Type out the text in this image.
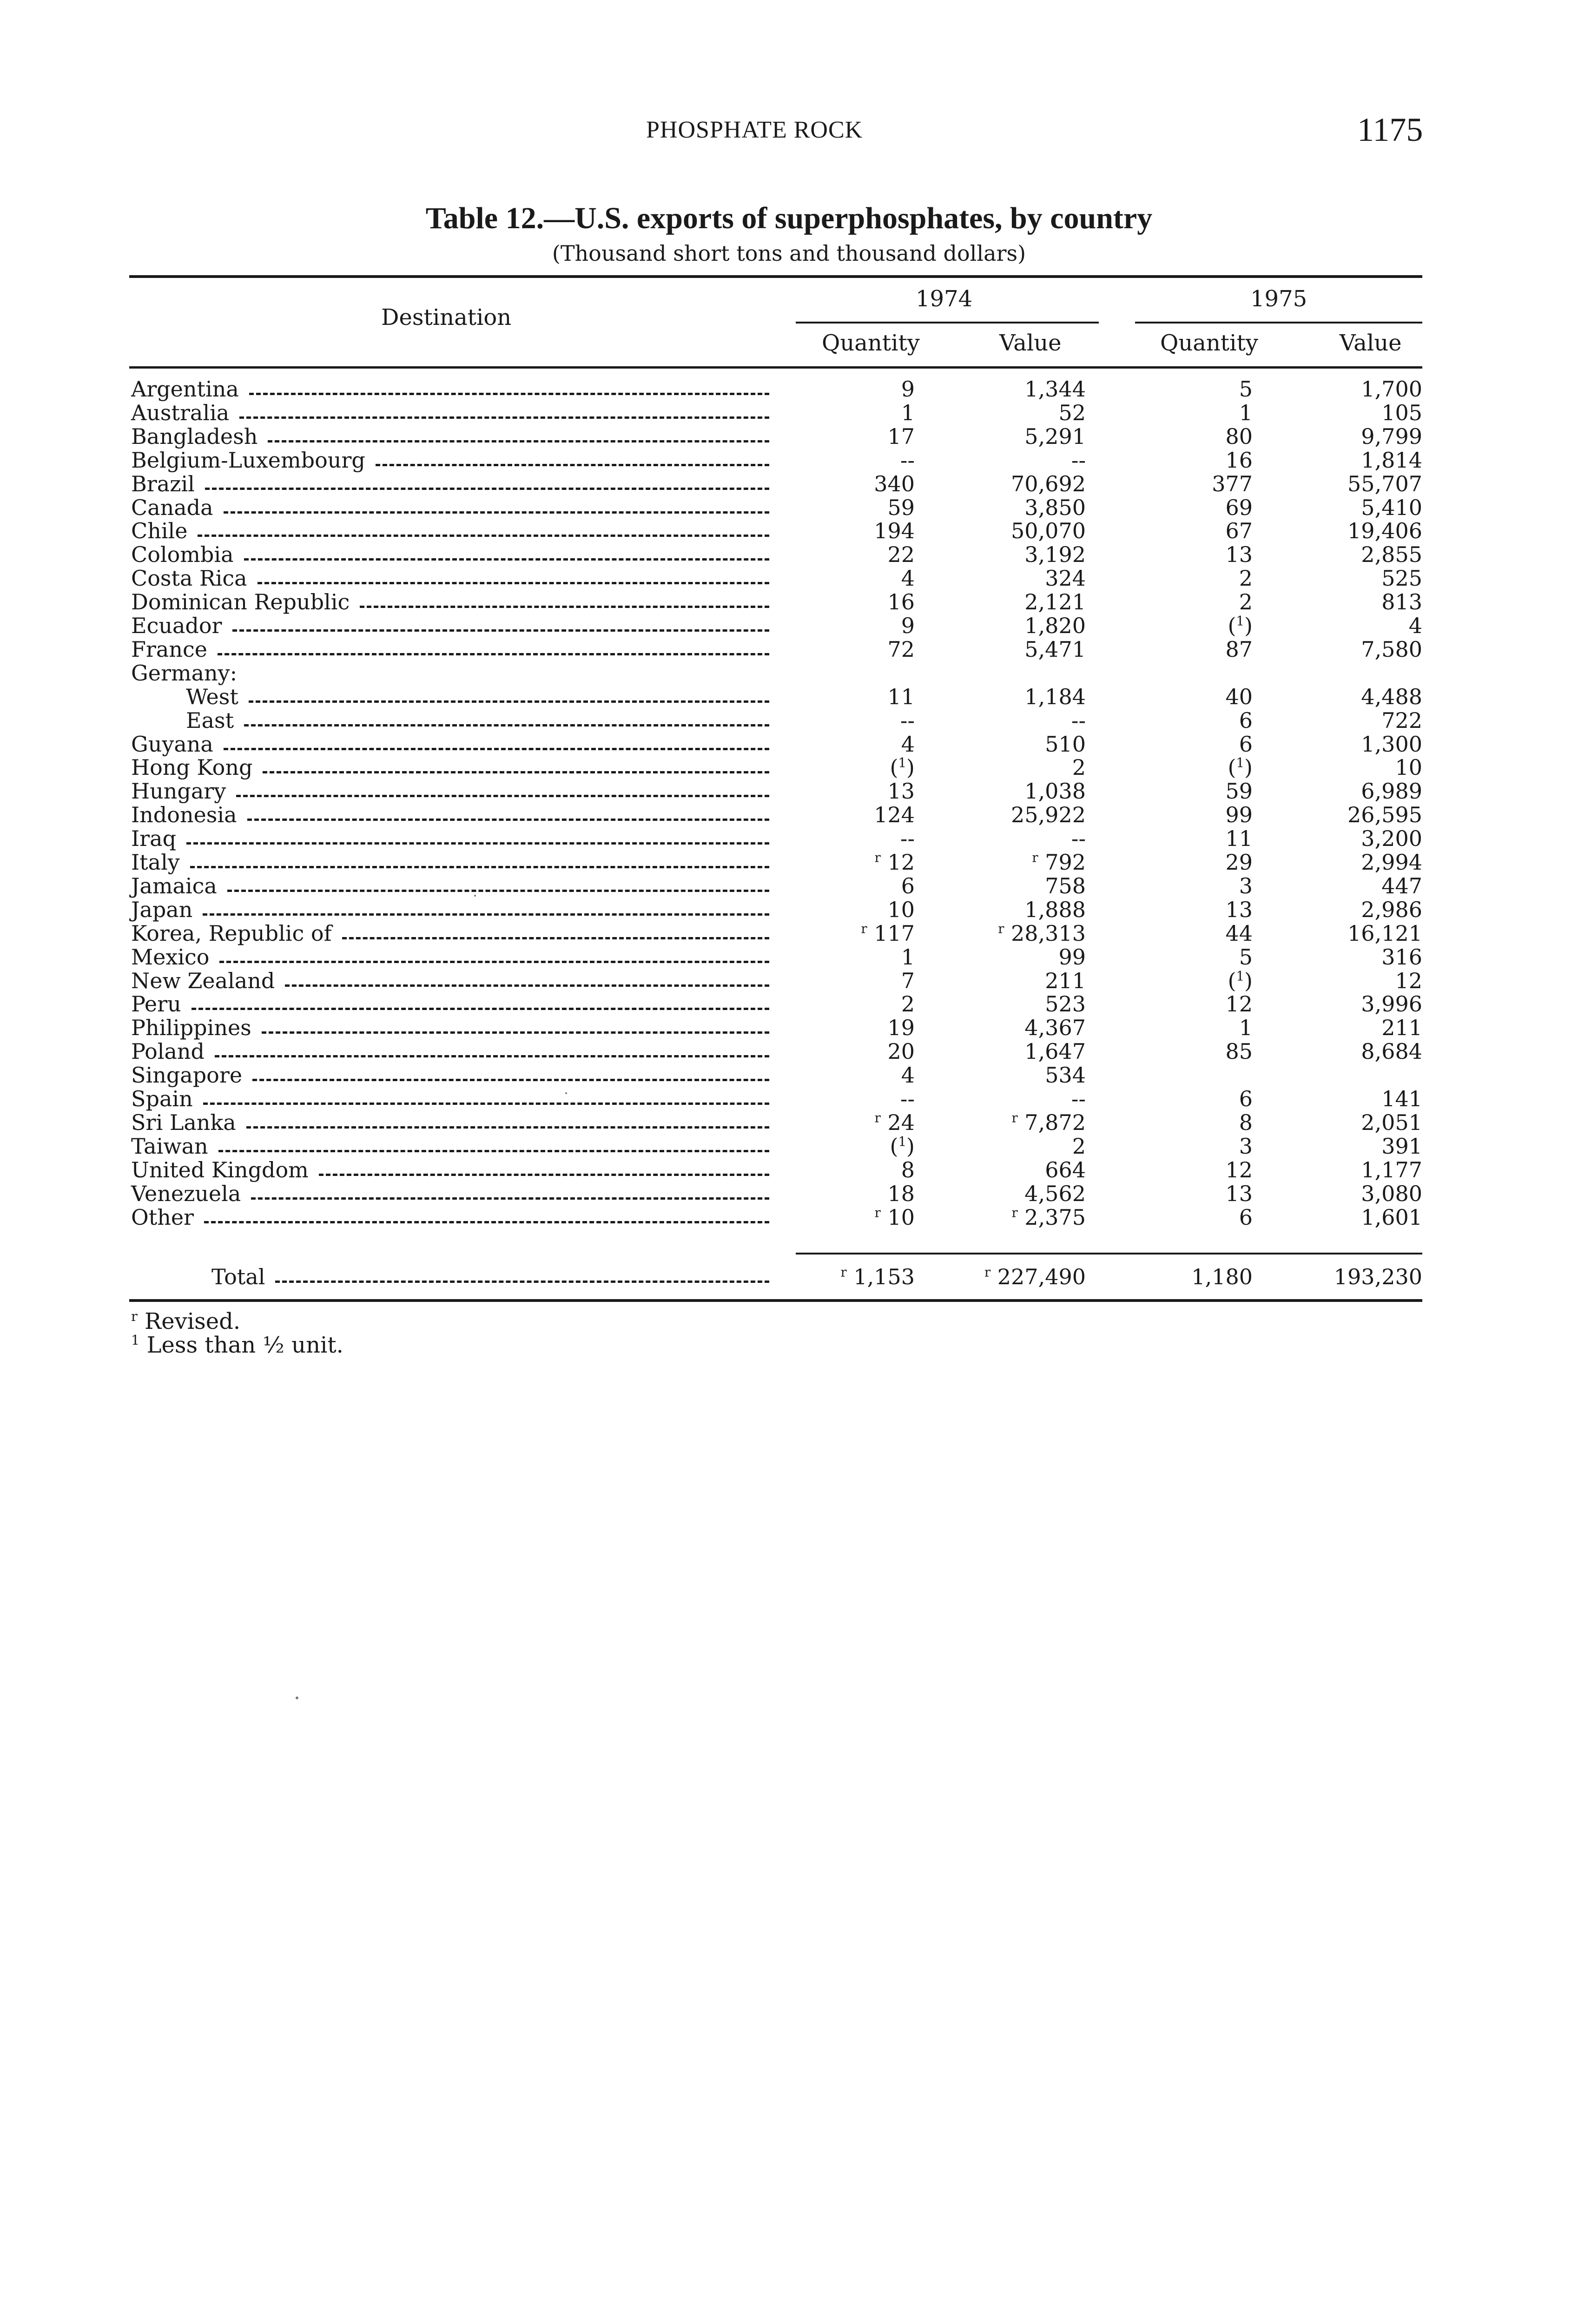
PHOSPHATE ROCK	1175
Table 12.—U.S. exports of superphosphates, by country
(Thousand short tons and thousand dollars)
Destination
1974	1975
Quantity	Value	Quantity	Value
Argentina	9	1,344	5	1,700
Australia	1	52	1	105
Bangladesh	17	5,291	80	9,799
Belgium-Luxembourg	--	--	16	1,814
Brazil	340	70,692	377	55,707
Canada	59	3,850	69	5,410
Chile	194	50,070	67	19,406
Colombia	22	3,192	13	2,855
Costa Rica	4	324	2	525
Dominican Republic	16	2,121	2	813
Ecuador	9	1,820	($^1$)	4
France	72	5,471	87	7,580
Germany:
West	11	1,184	40	4,488
East	--	--	6	722
Guyana	4	510	6	1,300
Hong Kong	($^1$)	2	($^1$)	10
Hungary	13	1,038	59	6,989
Indonesia	124	25,922	99	26,595
Iraq	--	--	11	3,200
Italy	$^r$ 12	$^r$ 792	29	2,994
Jamaica	6	758	3	447
Japan	10	1,888	13	2,986
Korea, Republic of	$^r$ 117	$^r$ 28,313	44	16,121
Mexico	1	99	5	316
New Zealand	7	211	($^1$)	12
Peru	2	523	12	3,996
Philippines	19	4,367	1	211
Poland	20	1,647	85	8,684
Singapore	4	534
Spain	--	--	6	141
Sri Lanka	$^r$ 24	$^r$ 7,872	8	2,051
Taiwan	($^1$)	2	3	391
United Kingdom	8	664	12	1,177
Venezuela	18	4,562	13	3,080
Other	$^r$ 10	$^r$ 2,375	6	1,601
Total	$^r$ 1,153	$^r$ 227,490	1,180	193,230
$^r$ Revised.
$^1$ Less than ½ unit.
